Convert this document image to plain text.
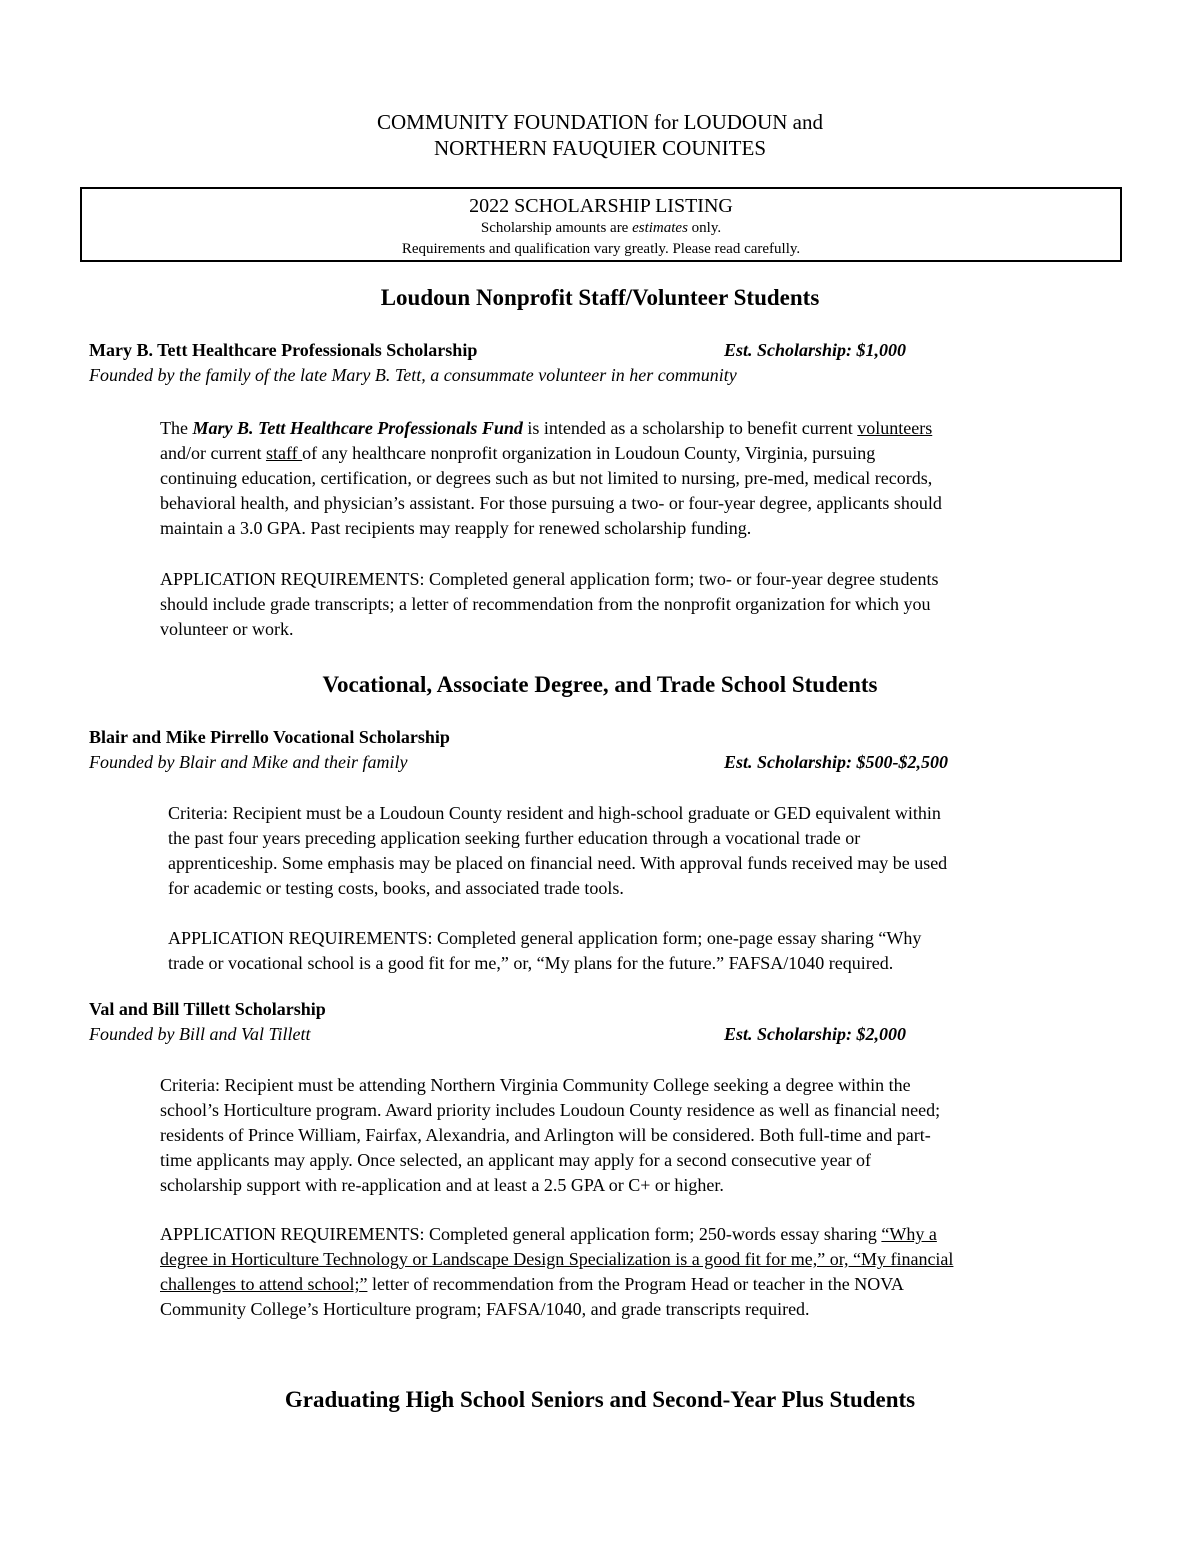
COMMUNITY FOUNDATION for LOUDOUN and
NORTHERN FAUQUIER COUNITES
2022 SCHOLARSHIP LISTING
Scholarship amounts are estimates only.
Requirements and qualification vary greatly. Please read carefully.
Loudoun Nonprofit Staff/Volunteer Students
Mary B. Tett Healthcare Professionals Scholarship	Est. Scholarship: $1,000
Founded by the family of the late Mary B. Tett, a consummate volunteer in her community
The Mary B. Tett Healthcare Professionals Fund is intended as a scholarship to benefit current volunteers
and/or current staff of any healthcare nonprofit organization in Loudoun County, Virginia, pursuing
continuing education, certification, or degrees such as but not limited to nursing, pre-med, medical records,
behavioral health, and physician’s assistant. For those pursuing a two- or four-year degree, applicants should
maintain a 3.0 GPA. Past recipients may reapply for renewed scholarship funding.
APPLICATION REQUIREMENTS: Completed general application form; two- or four-year degree students
should include grade transcripts; a letter of recommendation from the nonprofit organization for which you
volunteer or work.
Vocational, Associate Degree, and Trade School Students
Blair and Mike Pirrello Vocational Scholarship
Founded by Blair and Mike and their family	Est. Scholarship: $500-$2,500
Criteria: Recipient must be a Loudoun County resident and high-school graduate or GED equivalent within
the past four years preceding application seeking further education through a vocational trade or
apprenticeship. Some emphasis may be placed on financial need. With approval funds received may be used
for academic or testing costs, books, and associated trade tools.
APPLICATION REQUIREMENTS: Completed general application form; one-page essay sharing “Why
trade or vocational school is a good fit for me,” or, “My plans for the future.” FAFSA/1040 required.
Val and Bill Tillett Scholarship
Founded by Bill and Val Tillett	Est. Scholarship: $2,000
Criteria: Recipient must be attending Northern Virginia Community College seeking a degree within the
school’s Horticulture program. Award priority includes Loudoun County residence as well as financial need;
residents of Prince William, Fairfax, Alexandria, and Arlington will be considered. Both full-time and part-
time applicants may apply. Once selected, an applicant may apply for a second consecutive year of
scholarship support with re-application and at least a 2.5 GPA or C+ or higher.
APPLICATION REQUIREMENTS: Completed general application form; 250-words essay sharing “Why a
degree in Horticulture Technology or Landscape Design Specialization is a good fit for me,” or, “My financial
challenges to attend school;” letter of recommendation from the Program Head or teacher in the NOVA
Community College’s Horticulture program; FAFSA/1040, and grade transcripts required.
Graduating High School Seniors and Second-Year Plus Students
